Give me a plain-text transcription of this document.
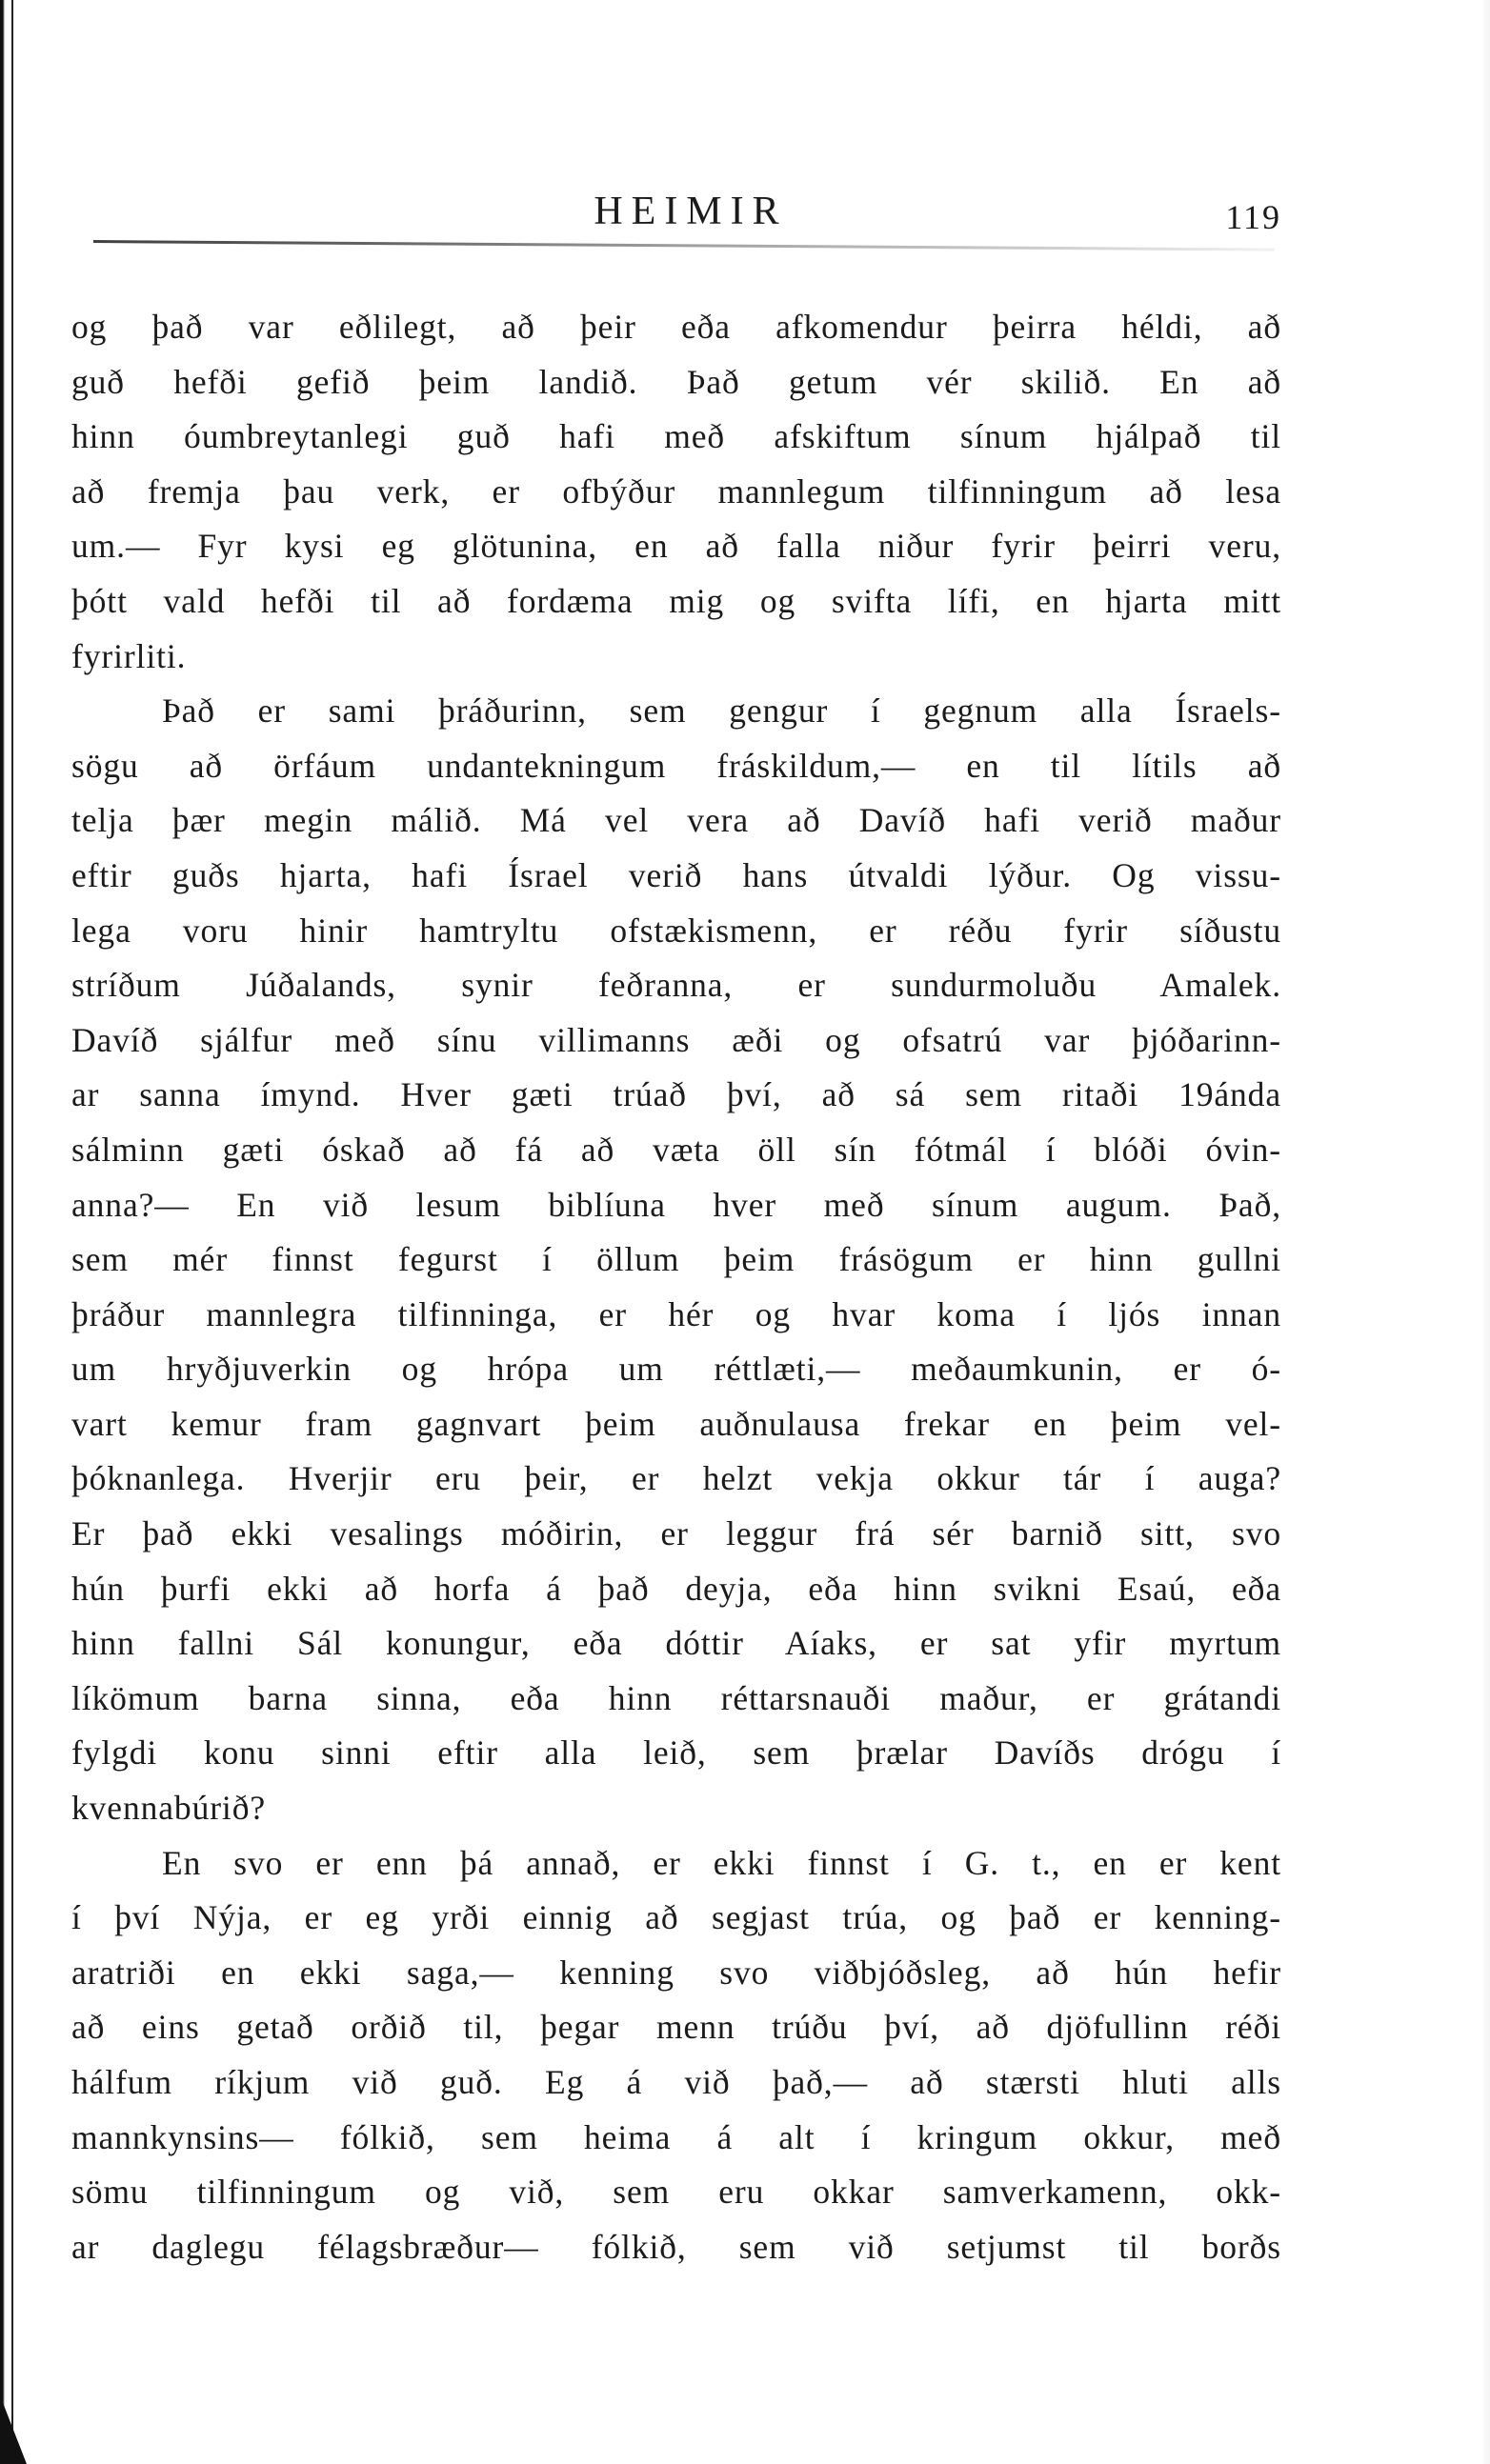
HEIMIR	119
og það var eðlilegt, að þeir eða afkomendur þeirra héldi, að
guð hefði gefið þeim landið. Það getum vér skilið. En að
hinn óumbreytanlegi guð hafi með afskiftum sínum hjálpað til
að fremja þau verk, er ofbýður mannlegum tilfinningum að lesa
um.— Fyr kysi eg glötunina, en að falla niður fyrir þeirri veru,
þótt vald hefði til að fordæma mig og svifta lífi, en hjarta mitt
fyrirliti.
Það er sami þráðurinn, sem gengur í gegnum alla Ísraels-
sögu að örfáum undantekningum fráskildum,— en til lítils að
telja þær megin málið. Má vel vera að Davíð hafi verið maður
eftir guðs hjarta, hafi Ísrael verið hans útvaldi lýður. Og vissu-
lega voru hinir hamtryltu ofstækismenn, er réðu fyrir síðustu
stríðum Júðalands, synir feðranna, er sundurmoluðu Amalek.
Davíð sjálfur með sínu villimanns æði og ofsatrú var þjóðarinn-
ar sanna ímynd. Hver gæti trúað því, að sá sem ritaði 19ánda
sálminn gæti óskað að fá að væta öll sín fótmál í blóði óvin-
anna?— En við lesum biblíuna hver með sínum augum. Það,
sem mér finnst fegurst í öllum þeim frásögum er hinn gullni
þráður mannlegra tilfinninga, er hér og hvar koma í ljós innan
um hryðjuverkin og hrópa um réttlæti,— meðaumkunin, er ó-
vart kemur fram gagnvart þeim auðnulausa frekar en þeim vel-
þóknanlega. Hverjir eru þeir, er helzt vekja okkur tár í auga?
Er það ekki vesalings móðirin, er leggur frá sér barnið sitt, svo
hún þurfi ekki að horfa á það deyja, eða hinn svikni Esaú, eða
hinn fallni Sál konungur, eða dóttir Aíaks, er sat yfir myrtum
líkömum barna sinna, eða hinn réttarsnauði maður, er grátandi
fylgdi konu sinni eftir alla leið, sem þrælar Davíðs drógu í
kvennabúrið?
En svo er enn þá annað, er ekki finnst í G. t., en er kent
í því Nýja, er eg yrði einnig að segjast trúa, og það er kenning-
aratriði en ekki saga,— kenning svo viðbjóðsleg, að hún hefir
að eins getað orðið til, þegar menn trúðu því, að djöfullinn réði
hálfum ríkjum við guð. Eg á við það,— að stærsti hluti alls
mannkynsins— fólkið, sem heima á alt í kringum okkur, með
sömu tilfinningum og við, sem eru okkar samverkamenn, okk-
ar daglegu félagsbræður— fólkið, sem við setjumst til borðs
